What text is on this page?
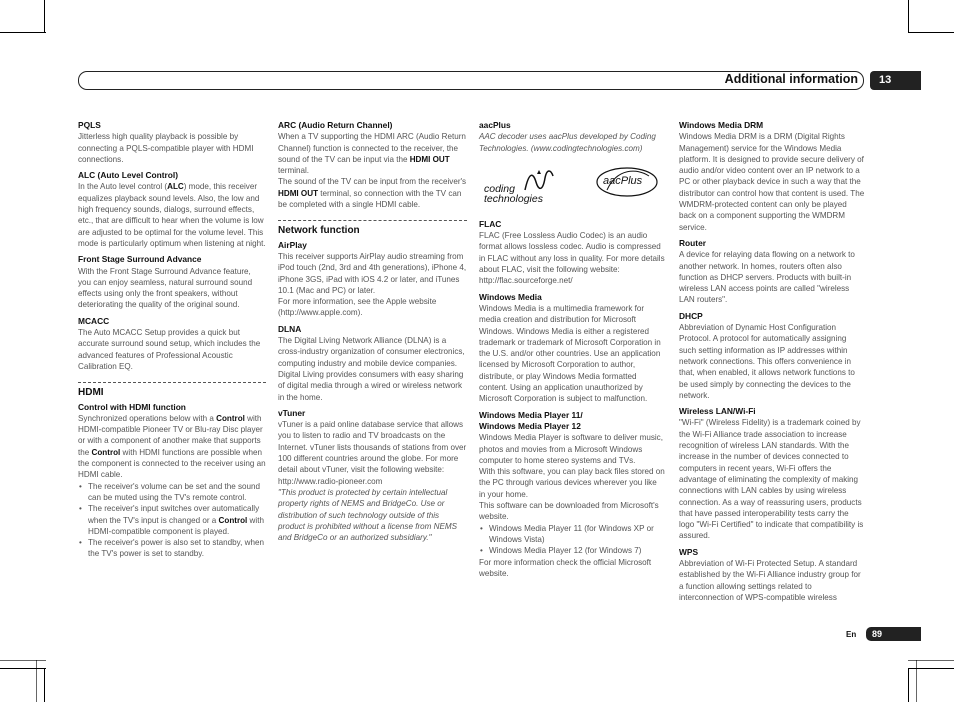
Additional information	13
PQLS

Jitterless high quality playback is possible by connecting a PQLS-compatible player with HDMI connections.

ALC (Auto Level Control)

In the Auto level control (ALC) mode, this receiver equalizes playback sound levels. Also, the low and high frequency sounds, dialogs, surround effects, etc., that are difficult to hear when the volume is low are adjusted to be optimal for the volume level. This mode is particularly optimum when listening at night.

Front Stage Surround Advance

With the Front Stage Surround Advance feature, you can enjoy seamless, natural surround sound effects using only the front speakers, without deteriorating the quality of the original sound.

MCACC

The Auto MCACC Setup provides a quick but accurate surround sound setup, which includes the advanced features of Professional Acoustic Calibration EQ.

HDMI
Control with HDMI function

Synchronized operations below with a Control with HDMI-compatible Pioneer TV or Blu-ray Disc player or with a component of another make that supports the Control with HDMI functions are possible when the component is connected to the receiver using an HDMI cable.

• The receiver's volume can be set and the sound can be muted using the TV's remote control.
• The receiver's input switches over automatically when the TV's input is changed or a Control with HDMI-compatible component is played.
• The receiver's power is also set to standby, when the TV's power is set to standby.
ARC (Audio Return Channel)

When a TV supporting the HDMI ARC (Audio Return Channel) function is connected to the receiver, the sound of the TV can be input via the HDMI OUT terminal.

The sound of the TV can be input from the receiver's HDMI OUT terminal, so connection with the TV can be completed with a single HDMI cable.

Network function
AirPlay

This receiver supports AirPlay audio streaming from iPod touch (2nd, 3rd and 4th generations), iPhone 4, iPhone 3GS, iPad with iOS 4.2 or later, and iTunes 10.1 (Mac and PC) or later.

For more information, see the Apple website (http://www.apple.com).

DLNA

The Digital Living Network Alliance (DLNA) is a cross-industry organization of consumer electronics, computing industry and mobile device companies. Digital Living provides consumers with easy sharing of digital media through a wired or wireless network in the home.

vTuner

vTuner is a paid online database service that allows you to listen to radio and TV broadcasts on the Internet. vTuner lists thousands of stations from over 100 different countries around the globe. For more detail about vTuner, visit the following website:

http://www.radio-pioneer.com

"This product is protected by certain intellectual property rights of NEMS and BridgeCo. Use or distribution of such technology outside of this product is prohibited without a license from NEMS and BridgeCo or an authorized subsidiary."

aacPlus

AAC decoder uses aacPlus developed by Coding Technologies. (www.codingtechnologies.com)

coding
technologies
aacPlus
FLAC

FLAC (Free Lossless Audio Codec) is an audio format allows lossless codec. Audio is compressed in FLAC without any loss in quality. For more details about FLAC, visit the following website:

http://flac.sourceforge.net/

Windows Media

Windows Media is a multimedia framework for media creation and distribution for Microsoft Windows. Windows Media is either a registered trademark or trademark of Microsoft Corporation in the U.S. and/or other countries. Use an application licensed by Microsoft Corporation to author, distribute, or play Windows Media formatted content. Using an application unauthorized by Microsoft Corporation is subject to malfunction.

Windows Media Player 11/
Windows Media Player 12

Windows Media Player is software to deliver music, photos and movies from a Microsoft Windows computer to home stereo systems and TVs.

With this software, you can play back files stored on the PC through various devices wherever you like in your home.

This software can be downloaded from Microsoft's website.

• Windows Media Player 11 (for Windows XP or Windows Vista)
• Windows Media Player 12 (for Windows 7)

For more information check the official Microsoft website.

Windows Media DRM

Windows Media DRM is a DRM (Digital Rights Management) service for the Windows Media platform. It is designed to provide secure delivery of audio and/or video content over an IP network to a PC or other playback device in such a way that the distributor can control how that content is used. The WMDRM-protected content can only be played back on a component supporting the WMDRM service.

Router

A device for relaying data flowing on a network to another network. In homes, routers often also function as DHCP servers. Products with built-in wireless LAN access points are called "wireless LAN routers".

DHCP

Abbreviation of Dynamic Host Configuration Protocol. A protocol for automatically assigning such setting information as IP addresses within network connections. This offers convenience in that, when enabled, it allows network functions to be used simply by connecting the devices to the network.

Wireless LAN/Wi-Fi

"Wi-Fi" (Wireless Fidelity) is a trademark coined by the Wi-Fi Alliance trade association to increase recognition of wireless LAN standards. With the increase in the number of devices connected to computers in recent years, Wi-Fi offers the advantage of eliminating the complexity of making connections with LAN cables by using wireless connection. As a way of reassuring users, products that have passed interoperability tests carry the logo "Wi-Fi Certified" to indicate that compatibility is assured.

WPS

Abbreviation of Wi-Fi Protected Setup. A standard established by the Wi-Fi Alliance industry group for a function allowing settings related to interconnection of WPS-compatible wireless

En	89
